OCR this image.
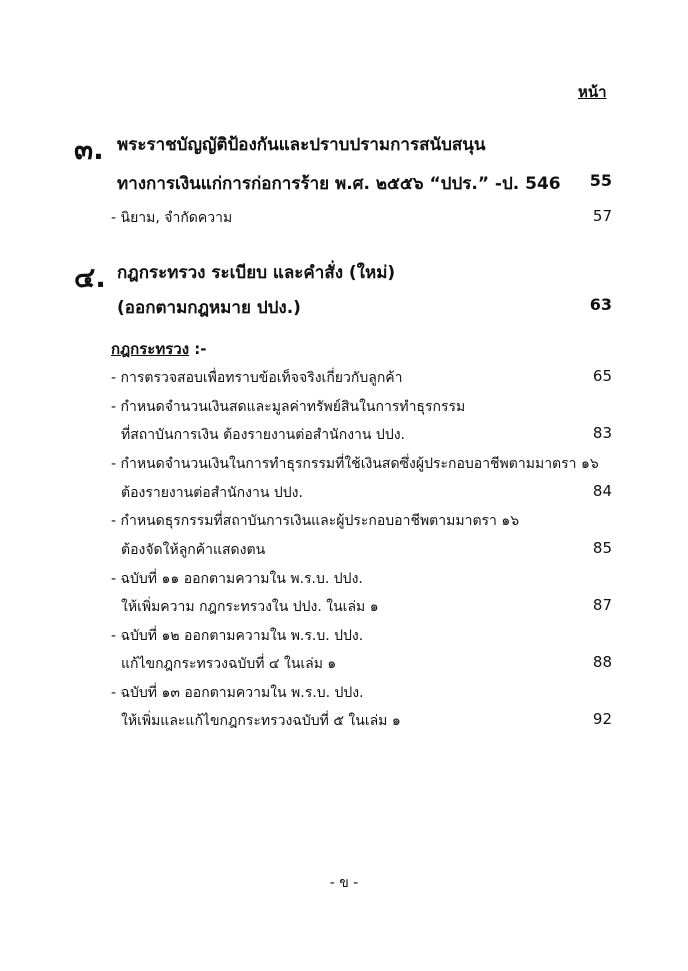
หน้า
๓. พระราชบัญญัติป้องกันและปราบปรามการสนับสนุน
ทางการเงินแก่การก่อการร้าย พ.ศ. ๒๕๕๖ “ปปร.” -ป. 546	55
- นิยาม, จำกัดความ	57
๔. กฎกระทรวง ระเบียบ และคำสั่ง (ใหม่)
(ออกตามกฎหมาย ปปง.)	63
กฎกระทรวง :-
- การตรวจสอบเพื่อทราบข้อเท็จจริงเกี่ยวกับลูกค้า	65
- กำหนดจำนวนเงินสดและมูลค่าทรัพย์สินในการทำธุรกรรม
ที่สถาบันการเงิน ต้องรายงานต่อสำนักงาน ปปง.	83
- กำหนดจำนวนเงินในการทำธุรกรรมที่ใช้เงินสดซึ่งผู้ประกอบอาชีพตามมาตรา ๑๖
ต้องรายงานต่อสำนักงาน ปปง.	84
- กำหนดธุรกรรมที่สถาบันการเงินและผู้ประกอบอาชีพตามมาตรา ๑๖
ต้องจัดให้ลูกค้าแสดงตน	85
- ฉบับที่ ๑๑ ออกตามความใน พ.ร.บ. ปปง.
ให้เพิ่มความ กฎกระทรวงใน ปปง. ในเล่ม ๑	87
- ฉบับที่ ๑๒ ออกตามความใน พ.ร.บ. ปปง.
แก้ไขกฎกระทรวงฉบับที่ ๔ ในเล่ม ๑	88
- ฉบับที่ ๑๓ ออกตามความใน พ.ร.บ. ปปง.
ให้เพิ่มและแก้ไขกฎกระทรวงฉบับที่ ๕ ในเล่ม ๑	92
- ข -
